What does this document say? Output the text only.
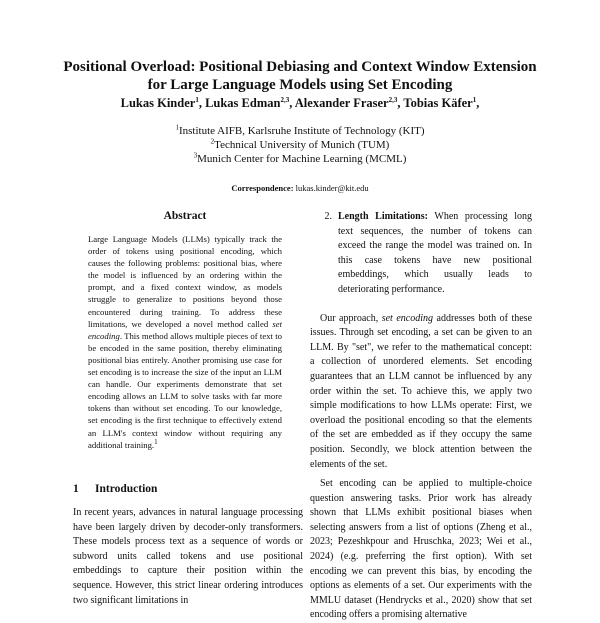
Positional Overload: Positional Debiasing and Context Window Extension
for Large Language Models using Set Encoding
Lukas Kinder$^1$, Lukas Edman$^{2,3}$, Alexander Fraser$^{2,3}$, Tobias Käfer$^1$,
$^1$Institute AIFB, Karlsruhe Institute of Technology (KIT)
$^2$Technical University of Munich (TUM)
$^3$Munich Center for Machine Learning (MCML)
Correspondence: lukas.kinder@kit.edu
Abstract
Large Language Models (LLMs) typically track the order of tokens using positional encoding, which causes the following problems: positional bias, where the model is influenced by an ordering within the prompt, and a fixed context window, as models struggle to generalize to positions beyond those encountered during training. To address these limitations, we developed a novel method called set encoding. This method allows multiple pieces of text to be encoded in the same position, thereby eliminating positional bias entirely. Another promising use case for set encoding is to increase the size of the input an LLM can handle. Our experiments demonstrate that set encoding allows an LLM to solve tasks with far more tokens than without set encoding. To our knowledge, set encoding is the first technique to effectively extend an LLM's context window without requiring any additional training.$^1$
1 Introduction
In recent years, advances in natural language processing have been largely driven by decoder-only transformers. These models process text as a sequence of words or subword units called tokens and use positional embeddings to capture their position within the sequence. However, this strict linear ordering introduces two significant limitations in
2. Length Limitations: When processing long text sequences, the number of tokens can exceed the range the model was trained on. In this case tokens have new positional embeddings, which usually leads to deteriorating performance.

Our approach, set encoding addresses both of these issues. Through set encoding, a set can be given to an LLM. By "set", we refer to the mathematical concept: a collection of unordered elements. Set encoding guarantees that an LLM cannot be influenced by any order within the set. To achieve this, we apply two simple modifications to how LLMs operate: First, we overload the positional encoding so that the elements of the set are embedded as if they occupy the same position. Secondly, we block attention between the elements of the set.

Set encoding can be applied to multiple-choice question answering tasks. Prior work has already shown that LLMs exhibit positional biases when selecting answers from a list of options (Zheng et al., 2023; Pezeshkpour and Hruschka, 2023; Wei et al., 2024) (e.g. preferring the first option). With set encoding we can prevent this bias, by encoding the options as elements of a set. Our experiments with the MMLU dataset (Hendrycks et al., 2020) show that set encoding offers a promising alternative
